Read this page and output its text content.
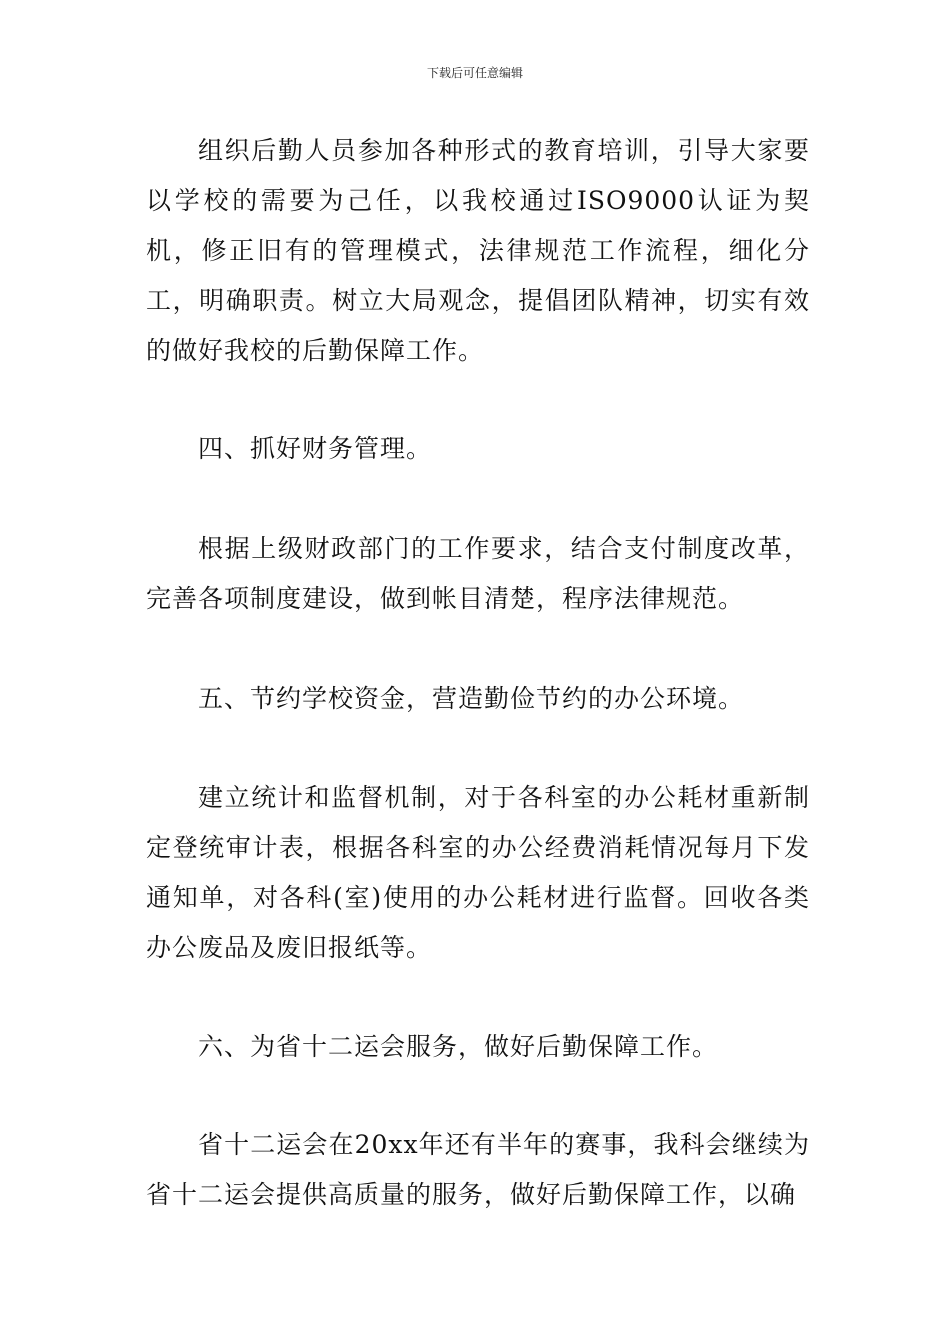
下载后可任意编辑

组织后勤人员参加各种形式的教育培训，引导大家要以学校的需要为己任，以我校通过ISO9000认证为契机，修正旧有的管理模式，法律规范工作流程，细化分工，明确职责。树立大局观念，提倡团队精神，切实有效的做好我校的后勤保障工作。

四、抓好财务管理。

根据上级财政部门的工作要求，结合支付制度改革，完善各项制度建设，做到帐目清楚，程序法律规范。

五、节约学校资金，营造勤俭节约的办公环境。

建立统计和监督机制，对于各科室的办公耗材重新制定登统审计表，根据各科室的办公经费消耗情况每月下发通知单，对各科(室)使用的办公耗材进行监督。回收各类办公废品及废旧报纸等。

六、为省十二运会服务，做好后勤保障工作。

省十二运会在20xx年还有半年的赛事，我科会继续为省十二运会提供高质量的服务，做好后勤保障工作，以确
